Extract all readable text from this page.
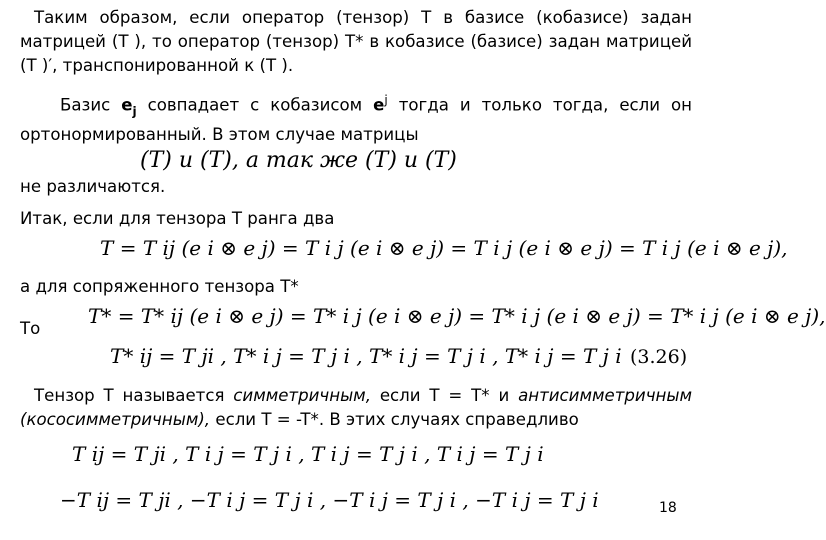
Таким образом, если оператор (тензор) T в базисе (кобазисе) задан матрицей (T ), то оператор (тензор) T* в кобазисе (базисе) задан матрицей (T )′, транспонированной к (T ).
Базис $e_j$ совпадает с кобазисом $e^j$ тогда и только тогда, если он ортонормированный. В этом случае матрицы
(T) и (T), а так же (T) и (T)
не различаются.
Итак, если для тензора T ранга два
T = T ij (e i ⊗ e j) = T i j (e i ⊗ e j) = T i j (e i ⊗ e j) = T i j (e i ⊗ e j),
а для сопряженного тензора T*
То
T* = T* ij (e i ⊗ e j) = T* i j (e i ⊗ e j) = T* i j (e i ⊗ e j) = T* i j (e i ⊗ e j),
T* ij = T ji , T* i j = T j i , T* i j = T j i , T* i j = T j i (3.26)
Тензор T называется симметричным, если T = T* и антисимметричным (кососимметричным), если T = -T*. В этих случаях справедливо
T ij = T ji , T i j = T j i , T i j = T j i , T i j = T j i
−T ij = T ji , −T i j = T j i , −T i j = T j i , −T i j = T j i	18
